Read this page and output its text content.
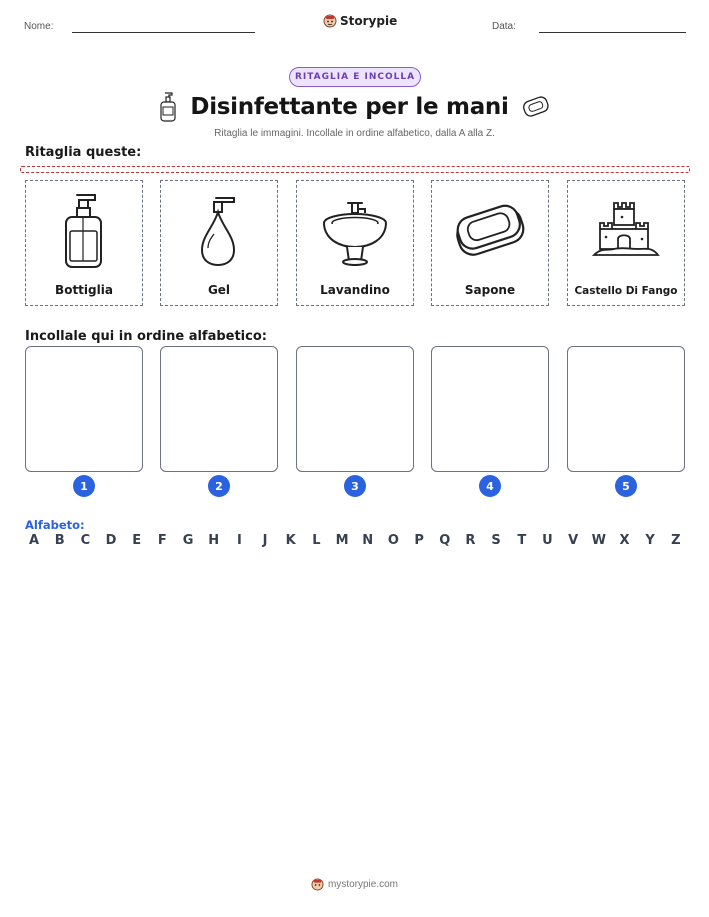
Nome:	Storypie	Data:
RITAGLIA E INCOLLA
Disinfettante per le mani
Ritaglia le immagini. Incollale in ordine alfabetico, dalla A alla Z.
Ritaglia queste:
Bottiglia	Gel	Lavandino	Sapone	Castello Di Fango
Incollale qui in ordine alfabetico:
1	2	3	4	5
Alfabeto:
A	B	C	D	E	F	G H	I	J	K	L	M N O	P	Q	R	S	T	U	V	W	X	Y	Z
mystorypie.com
